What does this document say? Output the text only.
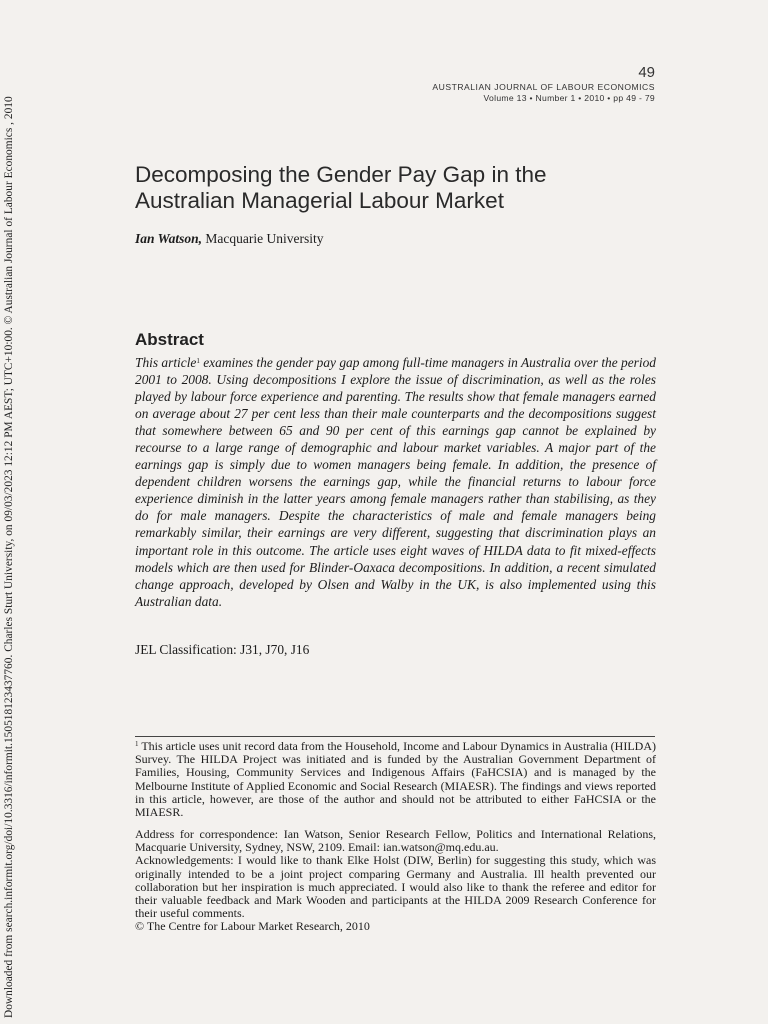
Downloaded from search.informit.org/doi/10.3316/informit.150518123437760. Charles Sturt University, on 09/03/2023 12:12 PM AEST; UTC+10:00. © Australian Journal of Labour Economics , 2010
49
AUSTRALIAN JOURNAL OF LABOUR ECONOMICS
Volume 13 • Number 1 • 2010 • pp 49 - 79
Decomposing the Gender Pay Gap in the
Australian Managerial Labour Market
Ian Watson, Macquarie University
Abstract

This article$^1$ examines the gender pay gap among full-time managers in Australia over the period 2001 to 2008. Using decompositions I explore the issue of discrimination, as well as the roles played by labour force experience and parenting. The results show that female managers earned on average about 27 per cent less than their male counterparts and the decompositions suggest that somewhere between 65 and 90 per cent of this earnings gap cannot be explained by recourse to a large range of demographic and labour market variables. A major part of the earnings gap is simply due to women managers being female. In addition, the presence of dependent children worsens the earnings gap, while the financial returns to labour force experience diminish in the latter years among female managers rather than stabilising, as they do for male managers. Despite the characteristics of male and female managers being remarkably similar, their earnings are very different, suggesting that discrimination plays an important role in this outcome. The article uses eight waves of HILDA data to fit mixed-effects models which are then used for Blinder-Oaxaca decompositions. In addition, a recent simulated change approach, developed by Olsen and Walby in the UK, is also implemented using this Australian data.

JEL Classification: J31, J70, J16

$^1$ This article uses unit record data from the Household, Income and Labour Dynamics in Australia (HILDA) Survey. The HILDA Project was initiated and is funded by the Australian Government Department of Families, Housing, Community Services and Indigenous Affairs (FaHCSIA) and is managed by the Melbourne Institute of Applied Economic and Social Research (MIAESR). The findings and views reported in this article, however, are those of the author and should not be attributed to either FaHCSIA or the MIAESR.

Address for correspondence: Ian Watson, Senior Research Fellow, Politics and International Relations, Macquarie University, Sydney, NSW, 2109. Email: ian.watson@mq.edu.au.

Acknowledgements: I would like to thank Elke Holst (DIW, Berlin) for suggesting this study, which was originally intended to be a joint project comparing Germany and Australia. Ill health prevented our collaboration but her inspiration is much appreciated. I would also like to thank the referee and editor for their valuable feedback and Mark Wooden and participants at the HILDA 2009 Research Conference for their useful comments.

© The Centre for Labour Market Research, 2010
